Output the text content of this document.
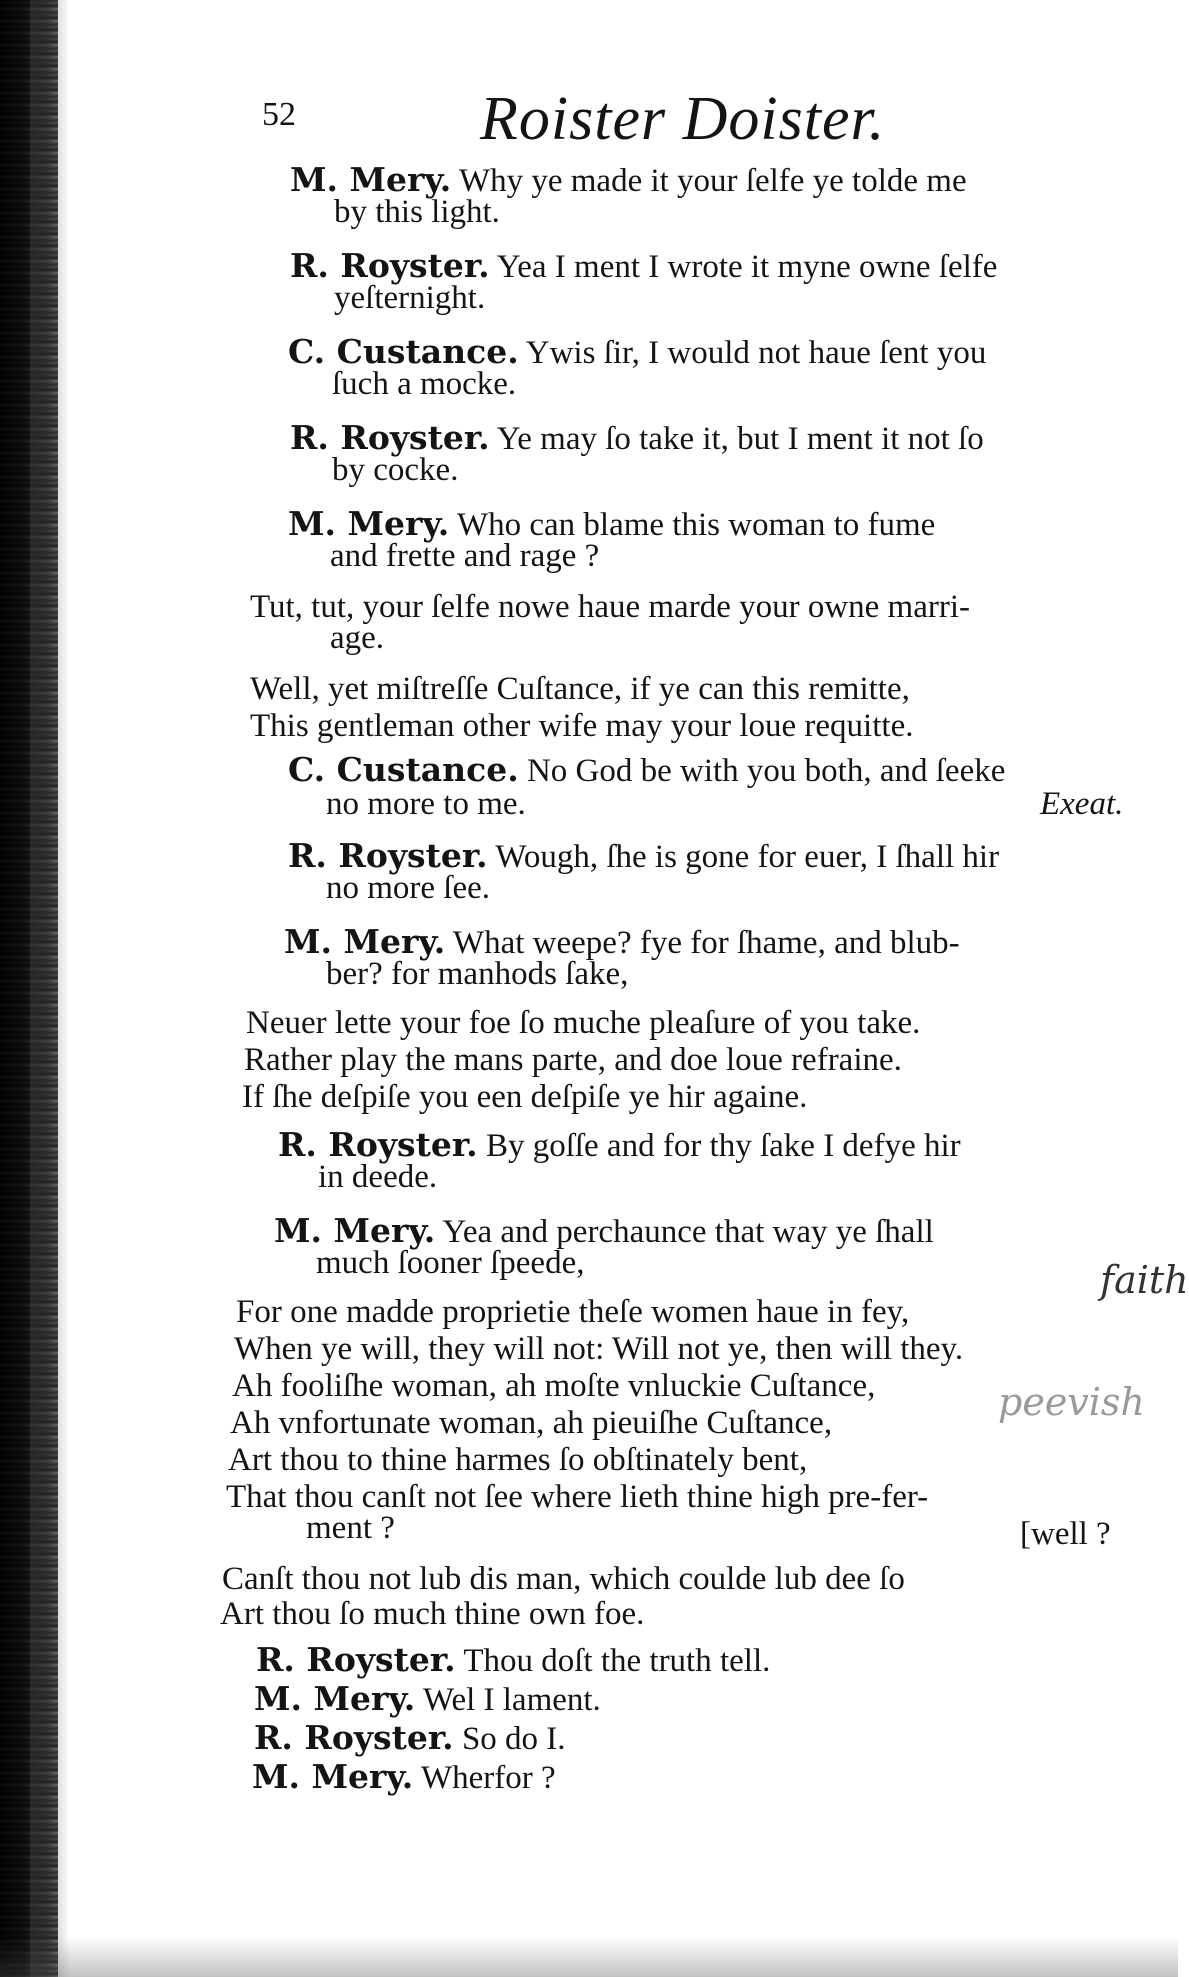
52	Roister Doister.
M. Mery. Why ye made it your ſelfe ye tolde me
by this light.
R. Royster. Yea I ment I wrote it myne owne ſelfe
yeſternight.
C. Custance. Ywis ſir, I would not haue ſent you
ſuch a mocke.
R. Royster. Ye may ſo take it, but I ment it not ſo
by cocke.
M. Mery. Who can blame this woman to fume
and frette and rage ?
Tut, tut, your ſelfe nowe haue marde your owne marri-
age.
Well, yet miſtreſſe Cuſtance, if ye can this remitte,
This gentleman other wife may your loue requitte.
C. Custance. No God be with you both, and ſeeke
no more to me.	Exeat.
R. Royster. Wough, ſhe is gone for euer, I ſhall hir
no more ſee.
M. Mery. What weepe? fye for ſhame, and blub-
ber? for manhods ſake,
Neuer lette your foe ſo muche pleaſure of you take.
Rather play the mans parte, and doe loue refraine.
If ſhe deſpiſe you een deſpiſe ye hir againe.
R. Royster. By goſſe and for thy ſake I defye hir
in deede.
M. Mery. Yea and perchaunce that way ye ſhall
much ſooner ſpeede,
For one madde proprietie theſe women haue in fey,
When ye will, they will not: Will not ye, then will they.
Ah fooliſhe woman, ah moſte vnluckie Cuſtance,
Ah vnfortunate woman, ah pieuiſhe Cuſtance,
Art thou to thine harmes ſo obſtinately bent,
That thou canſt not ſee where lieth thine high pre-fer-
ment ?	[well ?
Canſt thou not lub dis man, which coulde lub dee ſo
Art thou ſo much thine own foe.
R. Royster. Thou doſt the truth tell.
M. Mery. Wel I lament.
R. Royster. So do I.
M. Mery. Wherfor ?
faith
peevish
